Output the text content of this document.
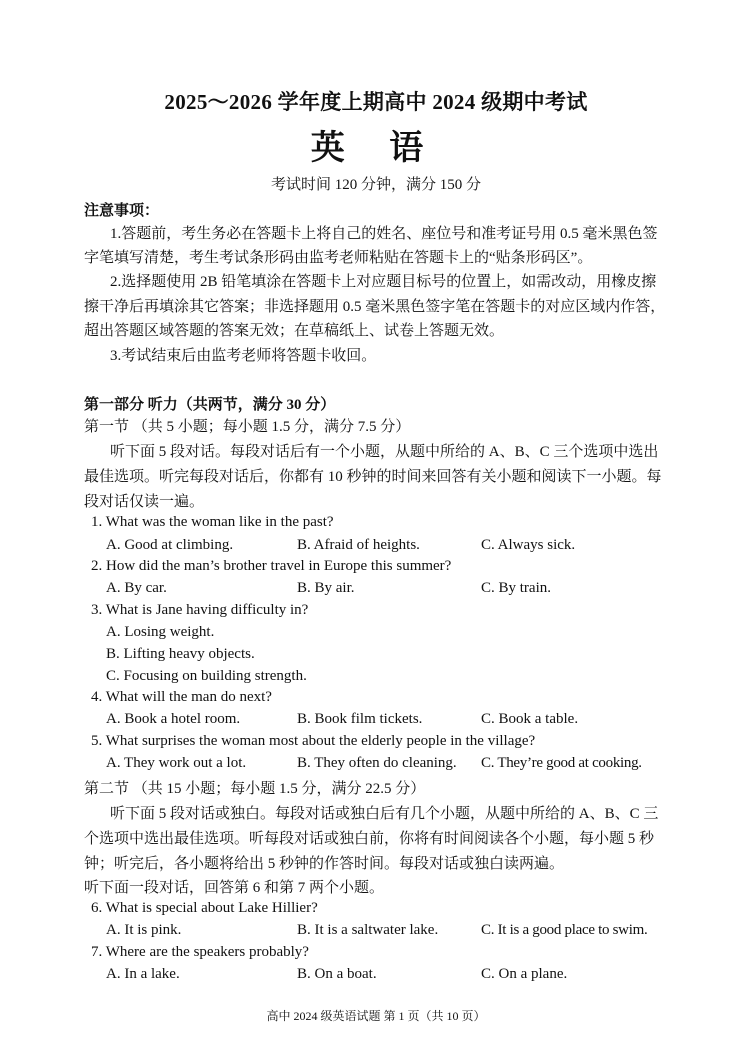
2025～2026 学年度上期高中 2024 级期中考试
英 语
考试时间 120 分钟，满分 150 分
注意事项：
1.答题前，考生务必在答题卡上将自己的姓名、座位号和准考证号用 0.5 毫米黑色签
字笔填写清楚，考生考试条形码由监考老师粘贴在答题卡上的“贴条形码区”。
2.选择题使用 2B 铅笔填涂在答题卡上对应题目标号的位置上，如需改动，用橡皮擦
擦干净后再填涂其它答案；非选择题用 0.5 毫米黑色签字笔在答题卡的对应区域内作答，
超出答题区域答题的答案无效；在草稿纸上、试卷上答题无效。
3.考试结束后由监考老师将答题卡收回。
第一部分 听力（共两节，满分 30 分）
第一节 （共 5 小题；每小题 1.5 分，满分 7.5 分）
听下面 5 段对话。每段对话后有一个小题，从题中所给的 A、B、C 三个选项中选出
最佳选项。听完每段对话后，你都有 10 秒钟的时间来回答有关小题和阅读下一小题。每
段对话仅读一遍。
1. What was the woman like in the past?
A. Good at climbing.	B. Afraid of heights.	C. Always sick.
2. How did the man’s brother travel in Europe this summer?
A. By car.	B. By air.	C. By train.
3. What is Jane having difficulty in?
A. Losing weight.
B. Lifting heavy objects.
C. Focusing on building strength.
4. What will the man do next?
A. Book a hotel room.	B. Book film tickets.	C. Book a table.
5. What surprises the woman most about the elderly people in the village?
A. They work out a lot.	B. They often do cleaning. C. They’re good at cooking.
第二节 （共 15 小题；每小题 1.5 分，满分 22.5 分）
听下面 5 段对话或独白。每段对话或独白后有几个小题，从题中所给的 A、B、C 三
个选项中选出最佳选项。听每段对话或独白前，你将有时间阅读各个小题，每小题 5 秒
钟；听完后，各小题将给出 5 秒钟的作答时间。每段对话或独白读两遍。
听下面一段对话，回答第 6 和第 7 两个小题。
6. What is special about Lake Hillier?
A. It is pink.	B. It is a saltwater lake.	C. It is a good place to swim.
7. Where are the speakers probably?
A. In a lake.	B. On a boat.	C. On a plane.
高中 2024 级英语试题 第 1 页（共 10 页）
